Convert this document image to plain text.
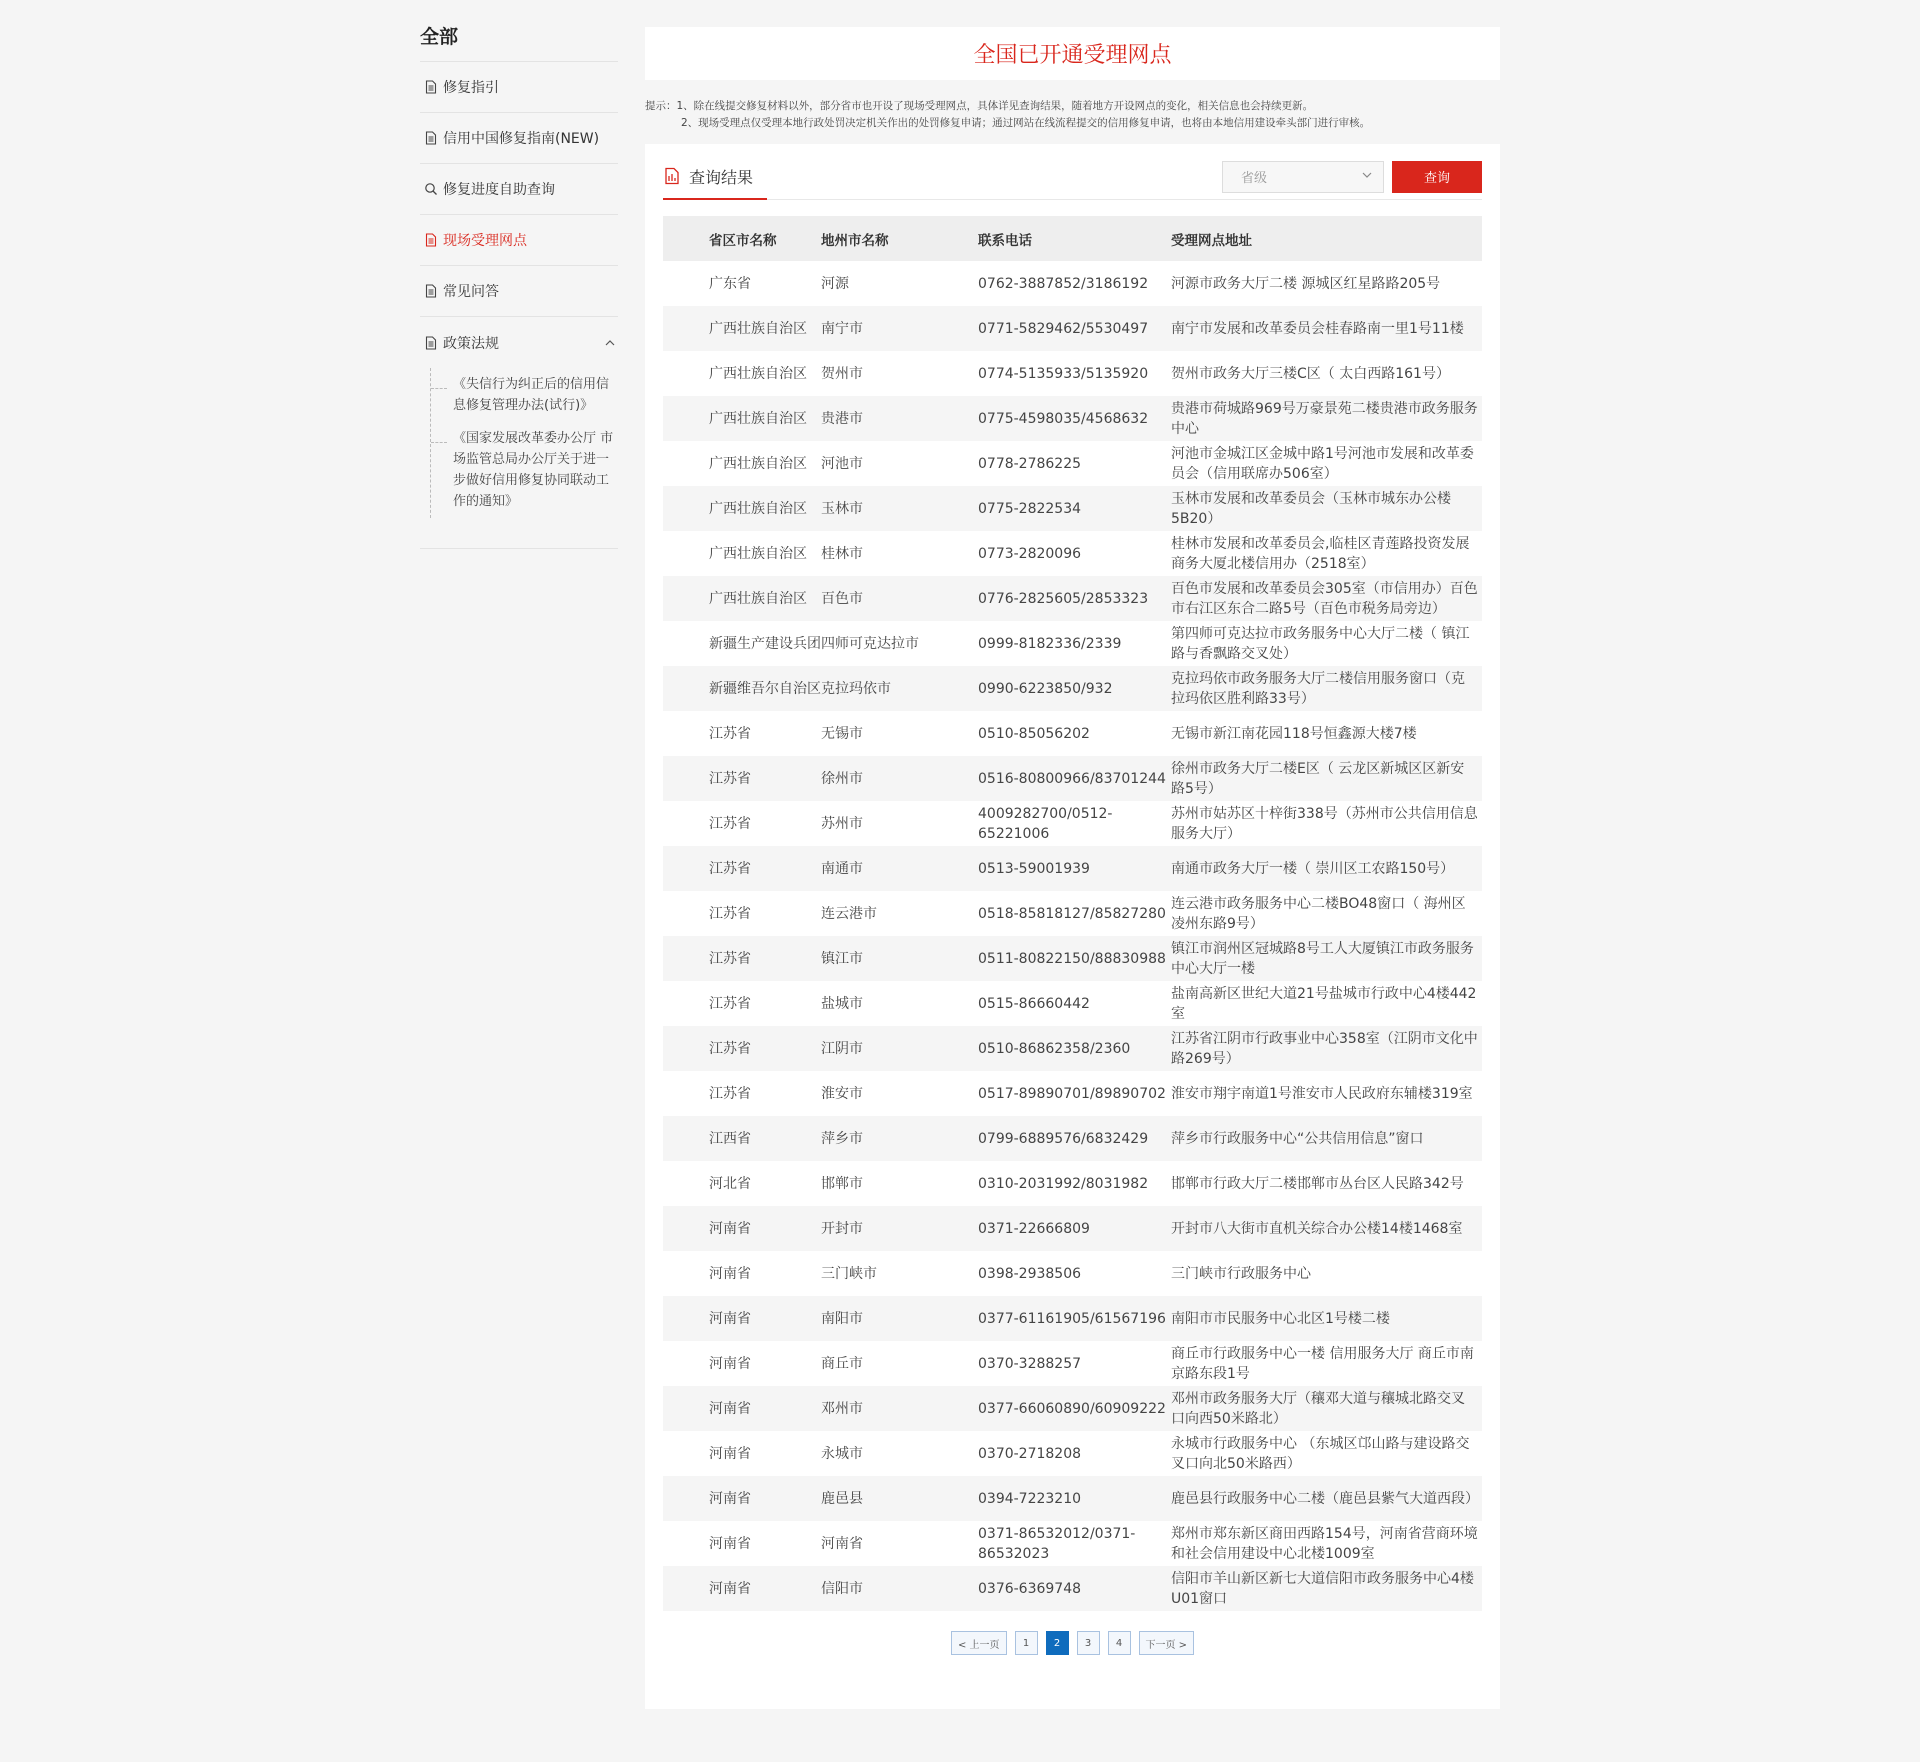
全部
修复指引
信用中国修复指南(NEW)
修复进度自助查询
现场受理网点
常见问答
政策法规
《失信行为纠正后的信用信息修复管理办法(试行)》
《国家发展改革委办公厅 市场监管总局办公厅关于进一步做好信用修复协同联动工作的通知》
全国已开通受理网点
提示：1、除在线提交修复材料以外，部分省市也开设了现场受理网点，具体详见查询结果，随着地方开设网点的变化，相关信息也会持续更新。
2、现场受理点仅受理本地行政处罚决定机关作出的处罚修复申请；通过网站在线流程提交的信用修复申请，也将由本地信用建设牵头部门进行审核。
查询结果	省级	查询
省区市名称	地州市名称	联系电话	受理网点地址
广东省	河源	0762-3887852/3186192	河源市政务大厅二楼 源城区红星路路205号
广西壮族自治区	南宁市	0771-5829462/5530497	南宁市发展和改革委员会桂春路南一里1号11楼
广西壮族自治区	贺州市	0774-5135933/5135920	贺州市政务大厅三楼C区（ 太白西路161号）
广西壮族自治区	贵港市	0775-4598035/4568632	贵港市荷城路969号万豪景苑二楼贵港市政务服务中心
广西壮族自治区	河池市	0778-2786225	河池市金城江区金城中路1号河池市发展和改革委员会（信用联席办506室）
广西壮族自治区	玉林市	0775-2822534	玉林市发展和改革委员会（玉林市城东办公楼5B20）
广西壮族自治区	桂林市	0773-2820096	桂林市发展和改革委员会,临桂区青莲路投资发展商务大厦北楼信用办（2518室）
广西壮族自治区	百色市	0776-2825605/2853323	百色市发展和改革委员会305室（市信用办）百色市右江区东合二路5号（百色市税务局旁边）
新疆生产建设兵团	四师可克达拉市	0999-8182336/2339	第四师可克达拉市政务服务中心大厅二楼（ 镇江路与香飘路交叉处）
新疆维吾尔自治区	克拉玛依市	0990-6223850/932	克拉玛依市政务服务大厅二楼信用服务窗口（克拉玛依区胜利路33号）
江苏省	无锡市	0510-85056202	无锡市新江南花园118号恒鑫源大楼7楼
江苏省	徐州市	0516-80800966/83701244	徐州市政务大厅二楼E区（ 云龙区新城区区新安路5号）
江苏省	苏州市	4009282700/0512-65221006	苏州市姑苏区十梓街338号（苏州市公共信用信息服务大厅）
江苏省	南通市	0513-59001939	南通市政务大厅一楼（ 崇川区工农路150号）
江苏省	连云港市	0518-85818127/85827280	连云港市政务服务中心二楼BO48窗口（ 海州区凌州东路9号）
江苏省	镇江市	0511-80822150/88830988	镇江市润州区冠城路8号工人大厦镇江市政务服务中心大厅一楼
江苏省	盐城市	0515-86660442	盐南高新区世纪大道21号盐城市行政中心4楼442室
江苏省	江阴市	0510-86862358/2360	江苏省江阴市行政事业中心358室（江阴市文化中路269号）
江苏省	淮安市	0517-89890701/89890702	淮安市翔宇南道1号淮安市人民政府东辅楼319室
江西省	萍乡市	0799-6889576/6832429	萍乡市行政服务中心“公共信用信息”窗口
河北省	邯郸市	0310-2031992/8031982	邯郸市行政大厅二楼邯郸市丛台区人民路342号
河南省	开封市	0371-22666809	开封市八大街市直机关综合办公楼14楼1468室
河南省	三门峡市	0398-2938506	三门峡市行政服务中心
河南省	南阳市	0377-61161905/61567196	南阳市市民服务中心北区1号楼二楼
河南省	商丘市	0370-3288257	商丘市行政服务中心一楼 信用服务大厅 商丘市南京路东段1号
河南省	邓州市	0377-66060890/60909222	邓州市政务服务大厅（穰邓大道与穰城北路交叉口向西50米路北）
河南省	永城市	0370-2718208	永城市行政服务中心 （东城区邙山路与建设路交叉口向北50米路西）
河南省	鹿邑县	0394-7223210	鹿邑县行政服务中心二楼（鹿邑县紫气大道西段）
河南省	河南省	0371-86532012/0371-86532023	郑州市郑东新区商田西路154号，河南省营商环境和社会信用建设中心北楼1009室
河南省	信阳市	0376-6369748	信阳市羊山新区新七大道信阳市政务服务中心4楼U01窗口
< 上一页	1	2	3	4	下一页 >
